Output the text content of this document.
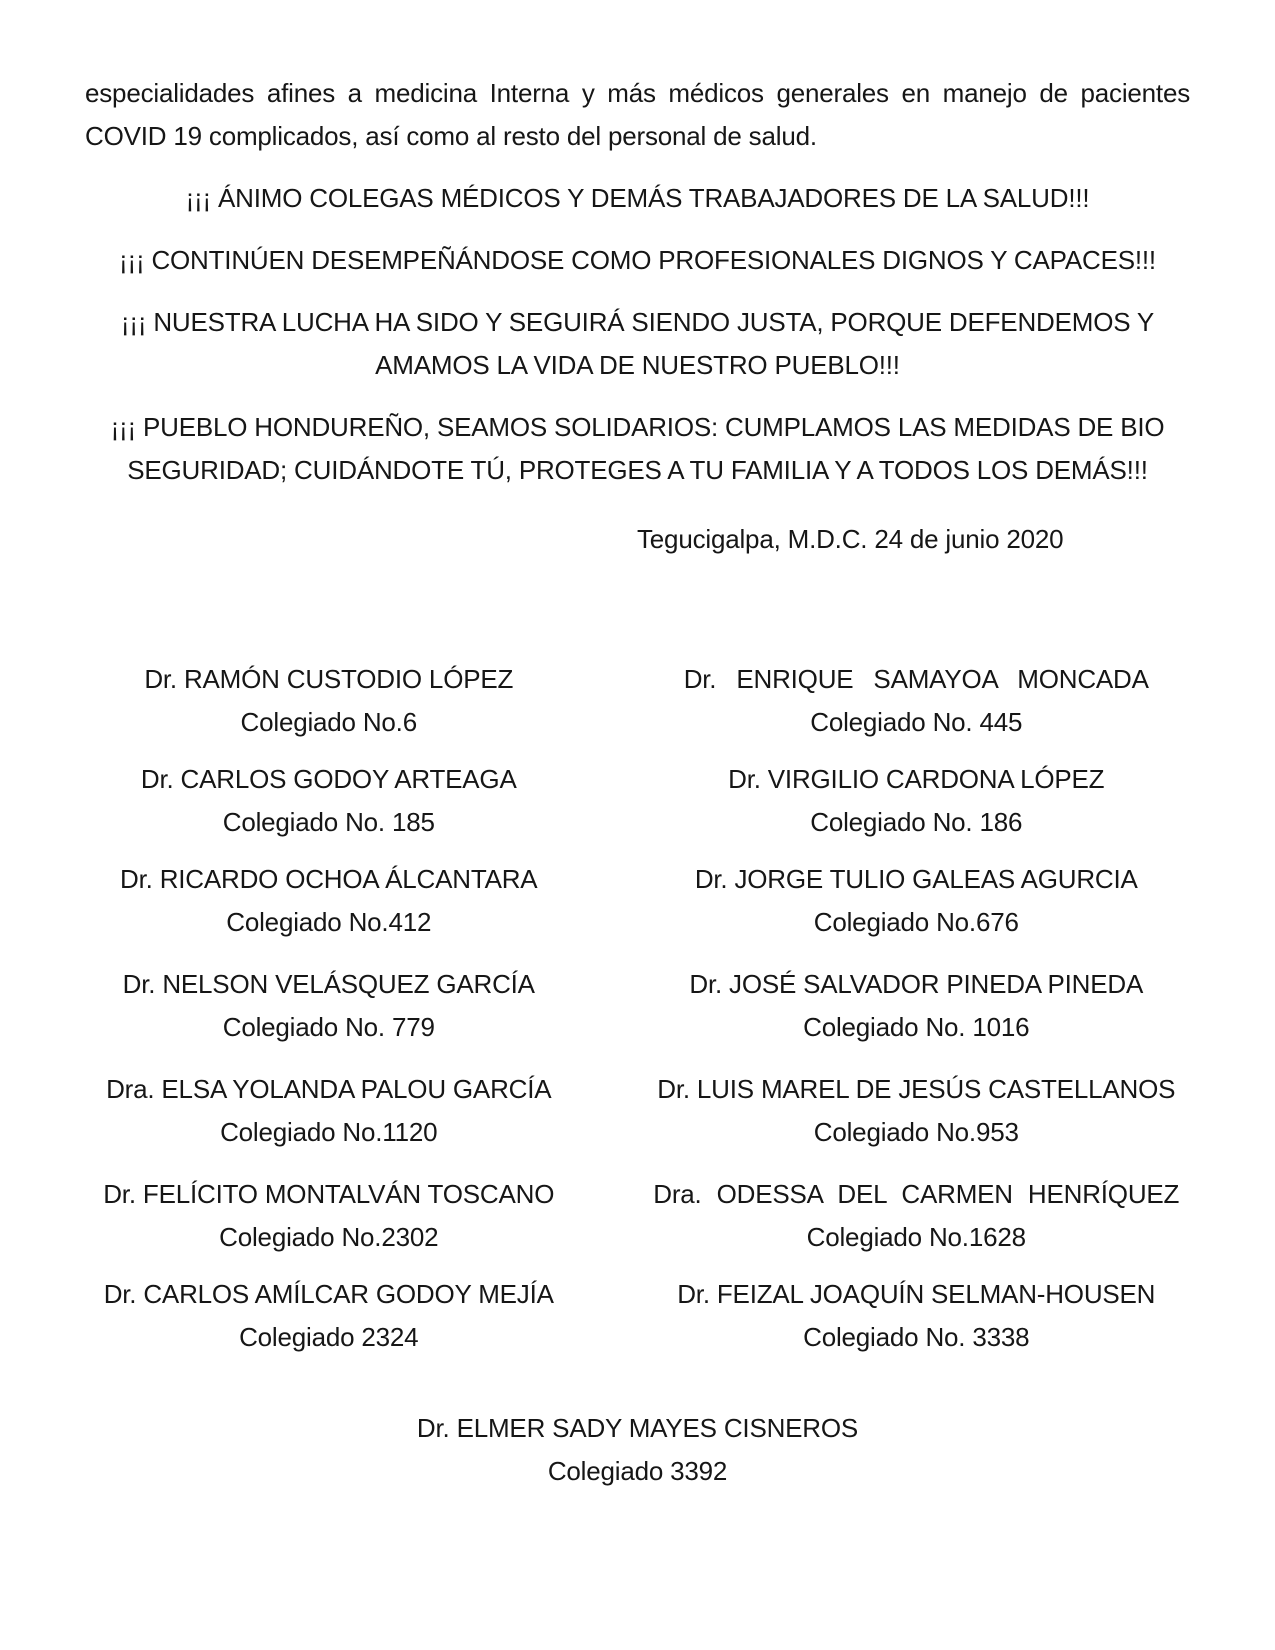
especialidades afines a medicina Interna y más médicos generales en manejo de pacientes
COVID 19 complicados, así como al resto del personal de salud.
¡¡¡ ÁNIMO COLEGAS MÉDICOS Y DEMÁS TRABAJADORES DE LA SALUD!!!
¡¡¡ CONTINÚEN DESEMPEÑÁNDOSE COMO PROFESIONALES DIGNOS Y CAPACES!!!
¡¡¡ NUESTRA LUCHA HA SIDO Y SEGUIRÁ SIENDO JUSTA, PORQUE DEFENDEMOS Y
AMAMOS LA VIDA DE NUESTRO PUEBLO!!!
¡¡¡ PUEBLO HONDUREÑO, SEAMOS SOLIDARIOS: CUMPLAMOS LAS MEDIDAS DE BIO
SEGURIDAD; CUIDÁNDOTE TÚ, PROTEGES A TU FAMILIA Y A TODOS LOS DEMÁS!!!
Tegucigalpa, M.D.C. 24 de junio 2020
Dr. RAMÓN CUSTODIO LÓPEZ
Colegiado No.6
Dr. CARLOS GODOY ARTEAGA
Colegiado No. 185
Dr. RICARDO OCHOA ÁLCANTARA
Colegiado No.412
Dr. NELSON VELÁSQUEZ GARCÍA
Colegiado No. 779
Dra. ELSA YOLANDA PALOU GARCÍA
Colegiado No.1120
Dr. FELÍCITO MONTALVÁN TOSCANO
Colegiado No.2302
Dr. CARLOS AMÍLCAR GODOY MEJÍA
Colegiado 2324
Dr. ENRIQUE SAMAYOA MONCADA
Colegiado No. 445
Dr. VIRGILIO CARDONA LÓPEZ
Colegiado No. 186
Dr. JORGE TULIO GALEAS AGURCIA
Colegiado No.676
Dr. JOSÉ SALVADOR PINEDA PINEDA
Colegiado No. 1016
Dr. LUIS MAREL DE JESÚS CASTELLANOS
Colegiado No.953
Dra. ODESSA DEL CARMEN HENRÍQUEZ
Colegiado No.1628
Dr. FEIZAL JOAQUÍN SELMAN-HOUSEN
Colegiado No. 3338
Dr. ELMER SADY MAYES CISNEROS
Colegiado 3392
